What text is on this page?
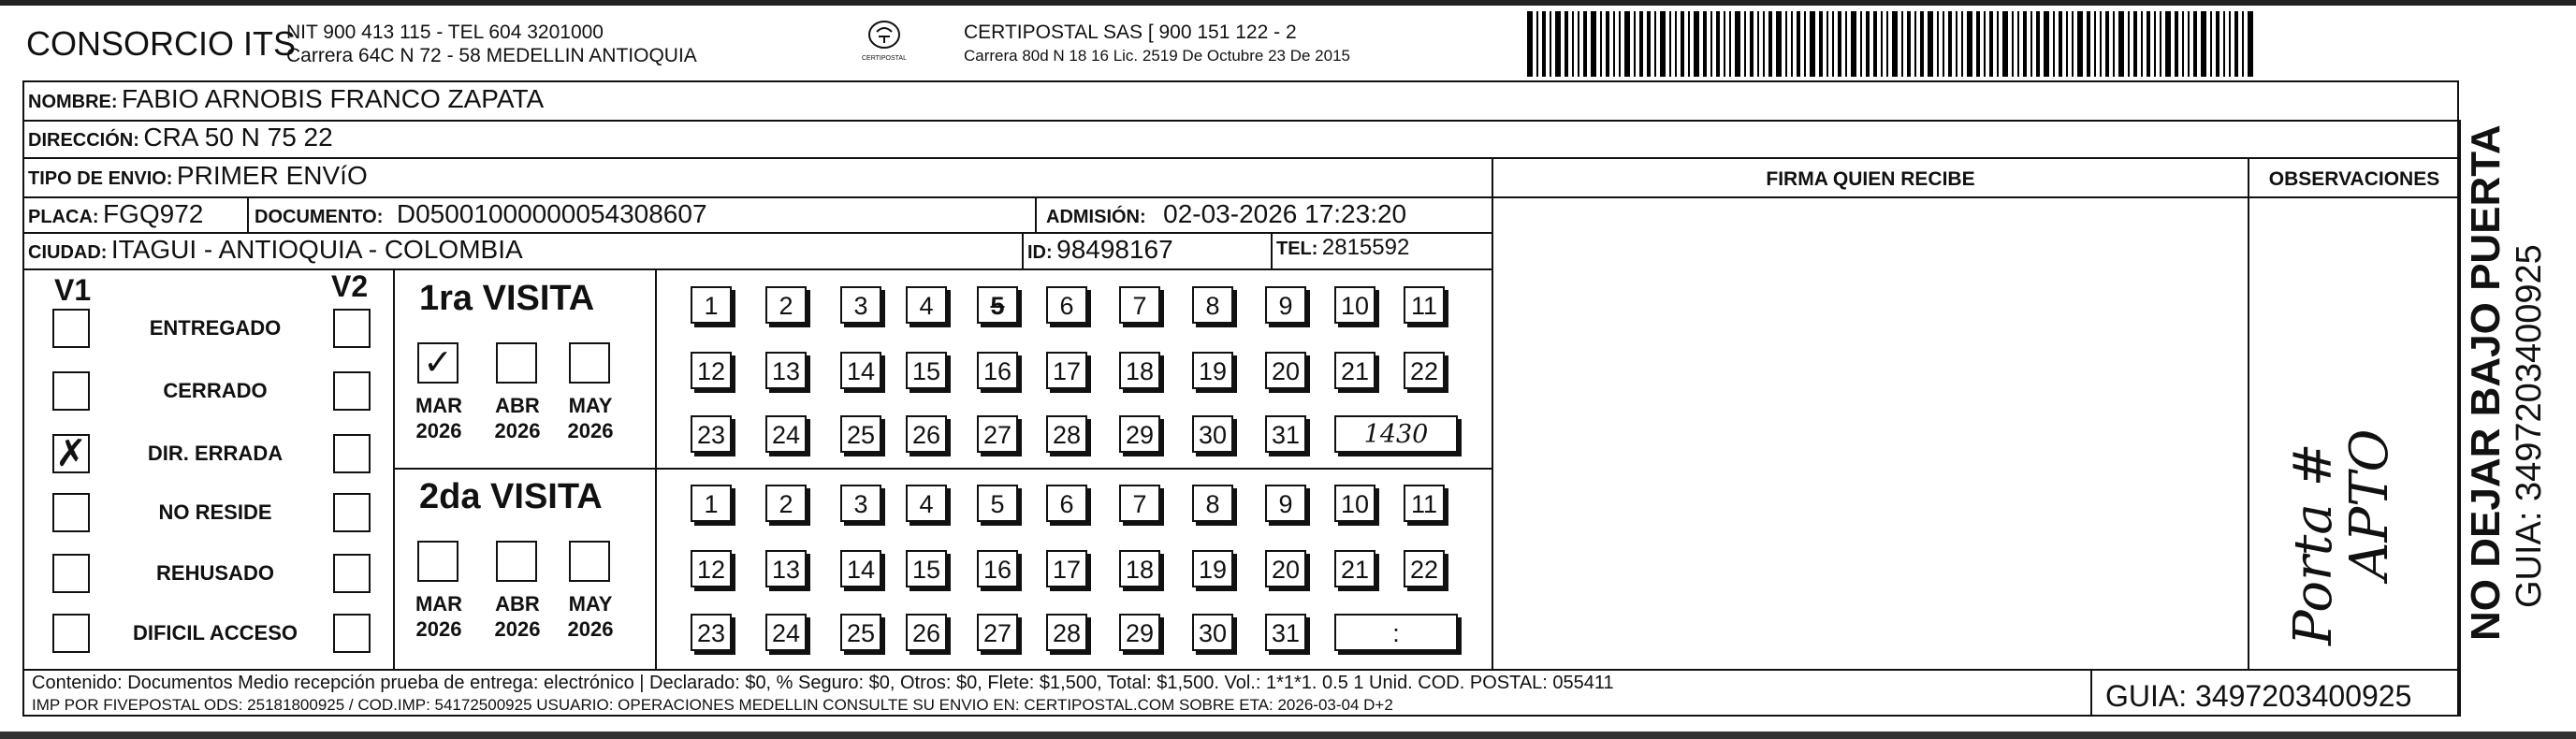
CONSORCIO ITS
NIT 900 413 115 - TEL 604 3201000
Carrera 64C N 72 - 58 MEDELLIN ANTIOQUIA	CERTIPOSTAL
CERTIPOSTAL SAS [ 900 151 122 - 2
Carrera 80d N 18 16 Lic. 2519 De Octubre 23 De 2015
NOMBRE: FABIO ARNOBIS FRANCO ZAPATA
DIRECCIÓN: CRA 50 N 75 22
TIPO DE ENVIO: PRIMER ENVíO	FIRMA QUIEN RECIBE	OBSERVACIONES
PLACA: FGQ972	DOCUMENTO: D05001000000054308607	ADMISIÓN: 02-03-2026 17:23:20
CIUDAD: ITAGUI - ANTIOQUIA - COLOMBIA	ID: 98498167	TEL: 2815592
V1	V2
ENTREGADO
CERRADO
✗	DIR. ERRADA
NO RESIDE
REHUSADO
DIFICIL ACCESO
1ra VISITA
✓
MAR
2026
ABR
2026
MAY
2026
1	2	3	4	5	6	7	8	9	10 11
12 13 14 15 16 17 18 19 20 21 22
23 24 25 26 27 28 29 30 31	1430
2da VISITA
MAR
2026
ABR
2026
MAY
2026
1	2	3	4	5	6	7	8	9	10 11
12 13 14 15 16 17 18 19 20 21 22
23 24 25 26 27 28 29 30 31	:	Porta #
APTO NO DEJAR BAJO PUERTA GUIA: 3497203400925
Contenido: Documentos Medio recepción prueba de entrega: electrónico | Declarado: $0, % Seguro: $0, Otros: $0, Flete: $1,500, Total: $1,500. Vol.: 1*1*1. 0.5 1 Unid. COD. POSTAL: 055411
IMP POR FIVEPOSTAL ODS: 25181800925 / COD.IMP: 54172500925 USUARIO: OPERACIONES MEDELLIN CONSULTE SU ENVIO EN: CERTIPOSTAL.COM SOBRE ETA: 2026-03-04 D+2	GUIA: 3497203400925
